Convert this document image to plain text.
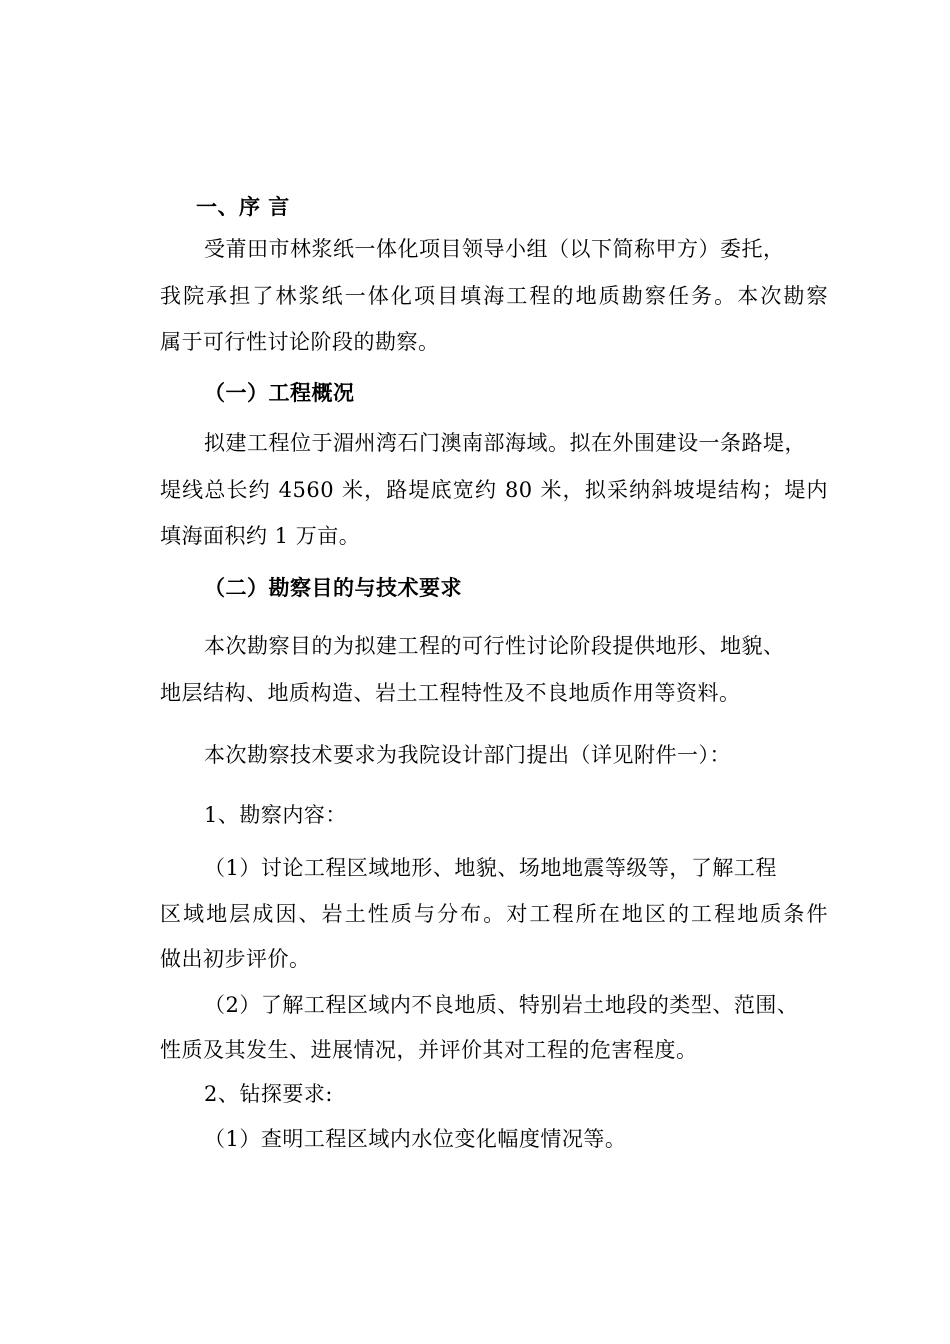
一、序 言
受莆田市林浆纸一体化项目领导小组（以下简称甲方）委托，
我院承担了林浆纸一体化项目填海工程的地质勘察任务。本次勘察
属于可行性讨论阶段的勘察。
（一）工程概况
拟建工程位于湄州湾石门澳南部海域。拟在外围建设一条路堤，
堤线总长约 4560 米，路堤底宽约 80 米，拟采纳斜坡堤结构；堤内
填海面积约 1 万亩。
（二）勘察目的与技术要求
本次勘察目的为拟建工程的可行性讨论阶段提供地形、地貌、
地层结构、地质构造、岩土工程特性及不良地质作用等资料。
本次勘察技术要求为我院设计部门提出（详见附件一）：
1、勘察内容：
（1）讨论工程区域地形、地貌、场地地震等级等，了解工程
区域地层成因、岩土性质与分布。对工程所在地区的工程地质条件
做出初步评价。
（2）了解工程区域内不良地质、特别岩土地段的类型、范围、
性质及其发生、进展情况，并评价其对工程的危害程度。
2、钻探要求:
（1）查明工程区域内水位变化幅度情况等。
